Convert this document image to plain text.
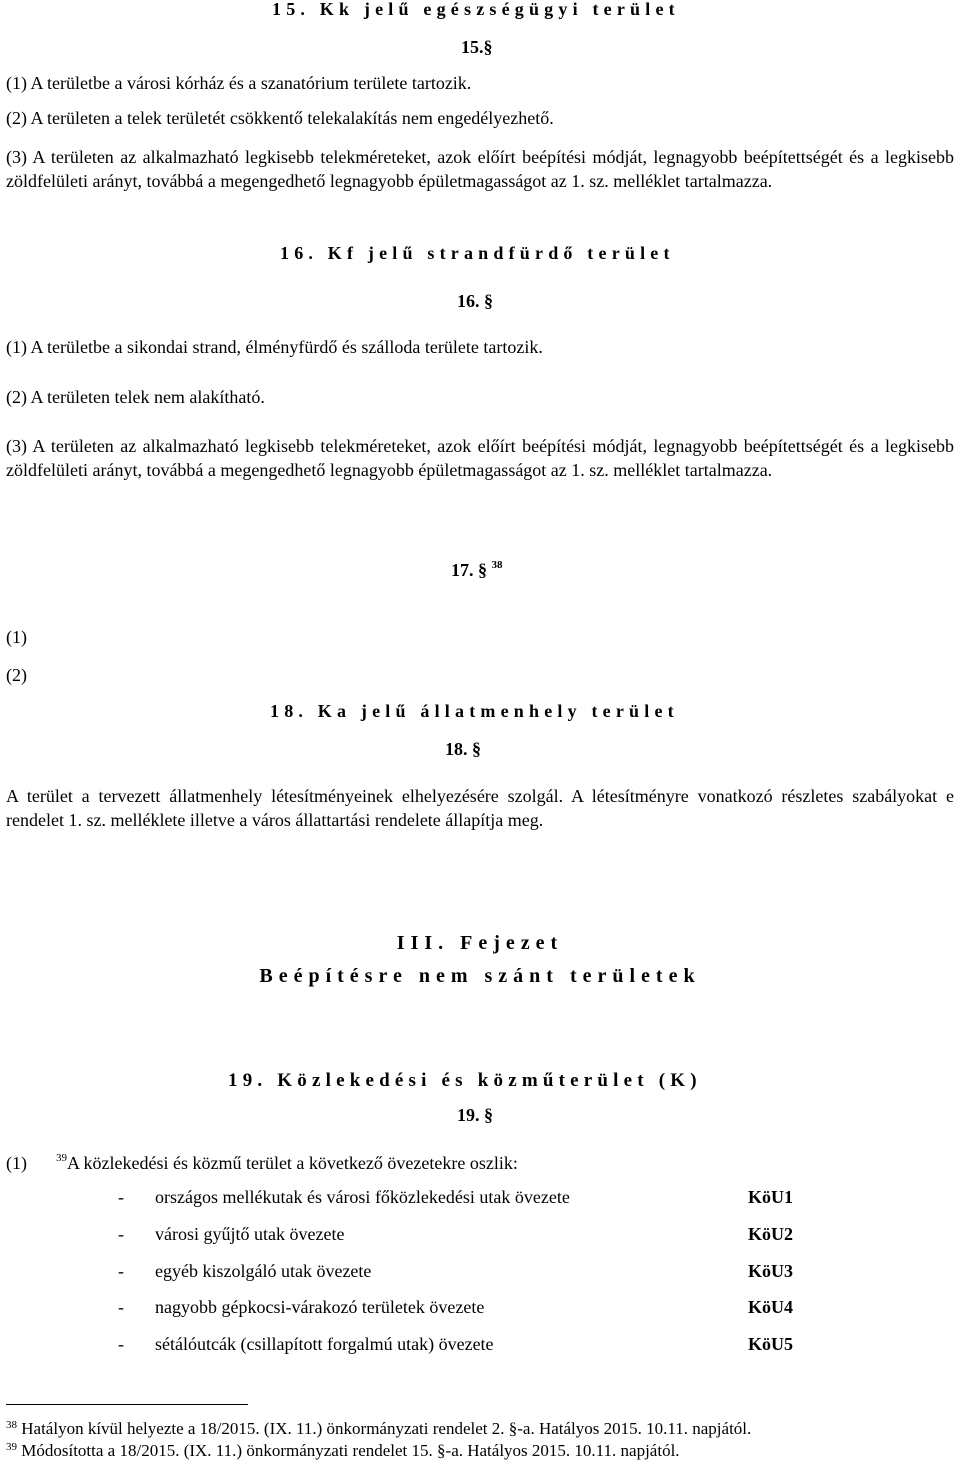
15. Kk jelű egészségügyi terület
15.§
(1) A területbe a városi kórház és a szanatórium területe tartozik.
(2) A területen a telek területét csökkentő telekalakítás nem engedélyezhető.
(3) A területen az alkalmazható legkisebb telekméreteket, azok előírt beépítési módját, legnagyobb beépítettségét és a legkisebb zöldfelületi arányt, továbbá a megengedhető legnagyobb épületmagasságot az 1. sz. melléklet tartalmazza.
16. Kf jelű strandfürdő terület
16. §
(1) A területbe a sikondai strand, élményfürdő és szálloda területe tartozik.
(2) A területen telek nem alakítható.
(3) A területen az alkalmazható legkisebb telekméreteket, azok előírt beépítési módját, legnagyobb beépítettségét és a legkisebb zöldfelületi arányt, továbbá a megengedhető legnagyobb épületmagasságot az 1. sz. melléklet tartalmazza.
17. § $^{38}$
(1)
(2)
18. Ka jelű állatmenhely terület
18. §
A terület a tervezett állatmenhely létesítményeinek elhelyezésére szolgál. A létesítményre vonatkozó részletes szabályokat e rendelet 1. sz. melléklete illetve a város állattartási rendelete állapítja meg.
III. Fejezet
Beépítésre nem szánt területek
19. Közlekedési és közműterület (K)
19. §
(1)	$^{39}$A közlekedési és közmű terület a következő övezetekre oszlik:
- országos mellékutak és városi főközlekedési utak övezete	KöU1
- városi gyűjtő utak övezete	KöU2
- egyéb kiszolgáló utak övezete	KöU3
- nagyobb gépkocsi-várakozó területek övezete	KöU4
- sétálóutcák (csillapított forgalmú utak) övezete	KöU5
$^{38}$ Hatályon kívül helyezte a 18/2015. (IX. 11.) önkormányzati rendelet 2. §-a. Hatályos 2015. 10.11. napjától.
$^{39}$ Módosította a 18/2015. (IX. 11.) önkormányzati rendelet 15. §-a. Hatályos 2015. 10.11. napjától.
